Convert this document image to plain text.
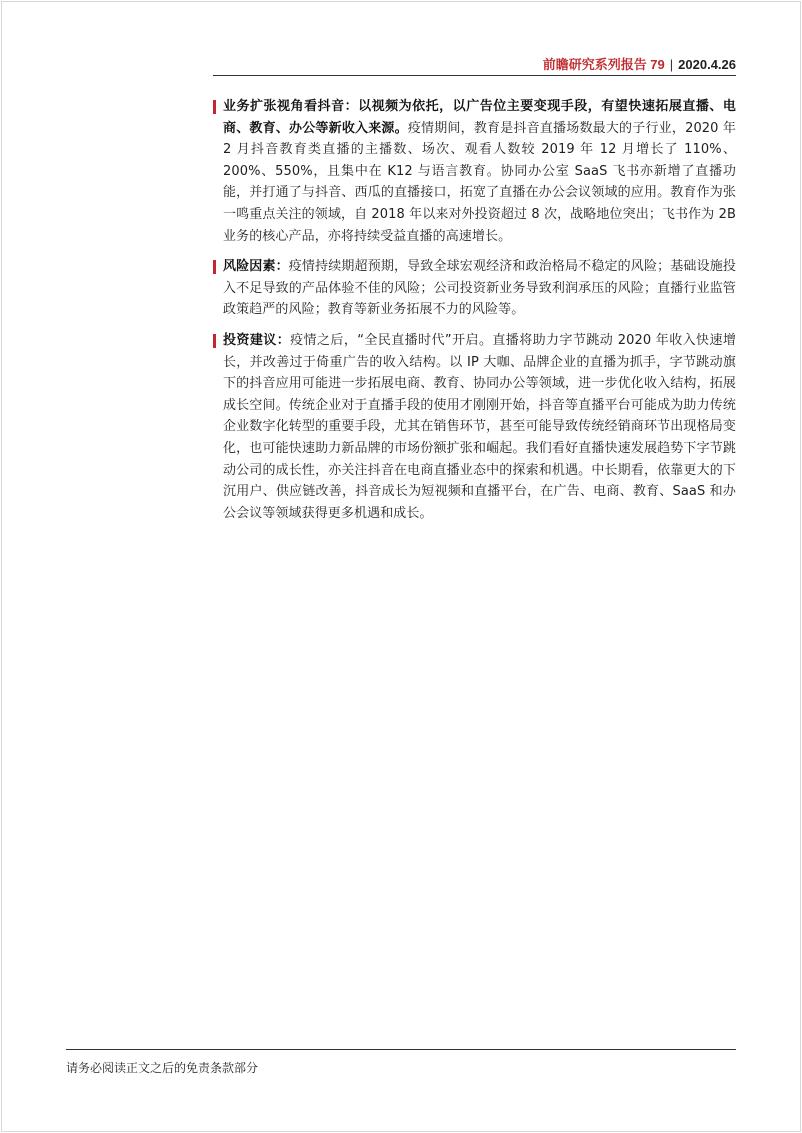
前瞻研究系列报告 79 | 2020.4.26
业务扩张视角看抖音：以视频为依托，以广告位主要变现手段，有望快速拓展直播、电商、教育、办公等新收入来源。疫情期间，教育是抖音直播场数最大的子行业，2020 年 2 月抖音教育类直播的主播数、场次、观看人数较 2019 年 12 月增长了 110%、200%、550%，且集中在 K12 与语言教育。协同办公室 SaaS 飞书亦新增了直播功能，并打通了与抖音、西瓜的直播接口，拓宽了直播在办公会议领域的应用。教育作为张一鸣重点关注的领域，自 2018 年以来对外投资超过 8 次，战略地位突出；飞书作为 2B 业务的核心产品，亦将持续受益直播的高速增长。
风险因素：疫情持续期超预期，导致全球宏观经济和政治格局不稳定的风险；基础设施投入不足导致的产品体验不佳的风险；公司投资新业务导致利润承压的风险；直播行业监管政策趋严的风险；教育等新业务拓展不力的风险等。
投资建议：疫情之后，“全民直播时代”开启。直播将助力字节跳动 2020 年收入快速增长，并改善过于倚重广告的收入结构。以 IP 大咖、品牌企业的直播为抓手，字节跳动旗下的抖音应用可能进一步拓展电商、教育、协同办公等领域，进一步优化收入结构，拓展成长空间。传统企业对于直播手段的使用才刚刚开始，抖音等直播平台可能成为助力传统企业数字化转型的重要手段，尤其在销售环节，甚至可能导致传统经销商环节出现格局变化，也可能快速助力新品牌的市场份额扩张和崛起。我们看好直播快速发展趋势下字节跳动公司的成长性，亦关注抖音在电商直播业态中的探索和机遇。中长期看，依靠更大的下沉用户、供应链改善，抖音成长为短视频和直播平台，在广告、电商、教育、SaaS 和办公会议等领域获得更多机遇和成长。
请务必阅读正文之后的免责条款部分
